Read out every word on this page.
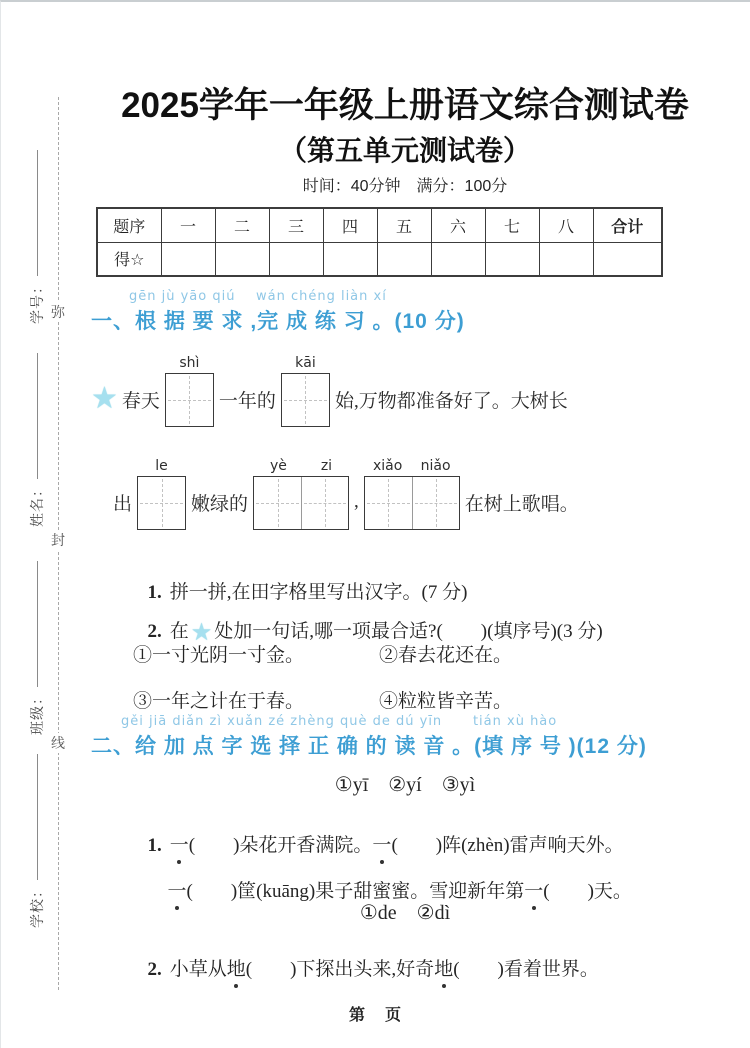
弥
封
线
学号：
姓名：
班级：
学校：
2025学年一年级上册语文综合测试卷
（第五单元测试卷）
时间：40分钟　满分：100分
题序	一	二	三	四	五	六	七	八	合计
得☆									
gēn jù yāo qiú    wán chéng liàn xí
一、根 据 要 求 ,完 成 练 习 。(10 分)
★ 春天
shì
一年的
kāi
始,万物都准备好了。大树长
出
le
嫩绿的
yè zi
,
xiǎo niǎo
在树上歌唱。

1. 拼一拼,在田字格里写出汉字。(7 分)

2. 在★ 处加一句话,哪一项最合适?(　　)(填序号)(3 分)

①一寸光阴一寸金。	②春去花还在。
③一年之计在于春。	④粒粒皆辛苦。
gěi jiā diǎn zì xuǎn zé zhèng què de dú yīn      tián xù hào
二、给 加 点 字 选 择 正 确 的 读 音 。(填 序 号 )(12 分)
①yī　②yí　③yì

1. 一(　　)朵花开香满院。一(　　)阵(zhèn)雷声响天外。

一(　　)筐(kuāng)果子甜蜜蜜。雪迎新年第一(　　)天。

①de　②dì

2. 小草从地(　　)下探出头来,好奇地(　　)看着世界。

第　页
